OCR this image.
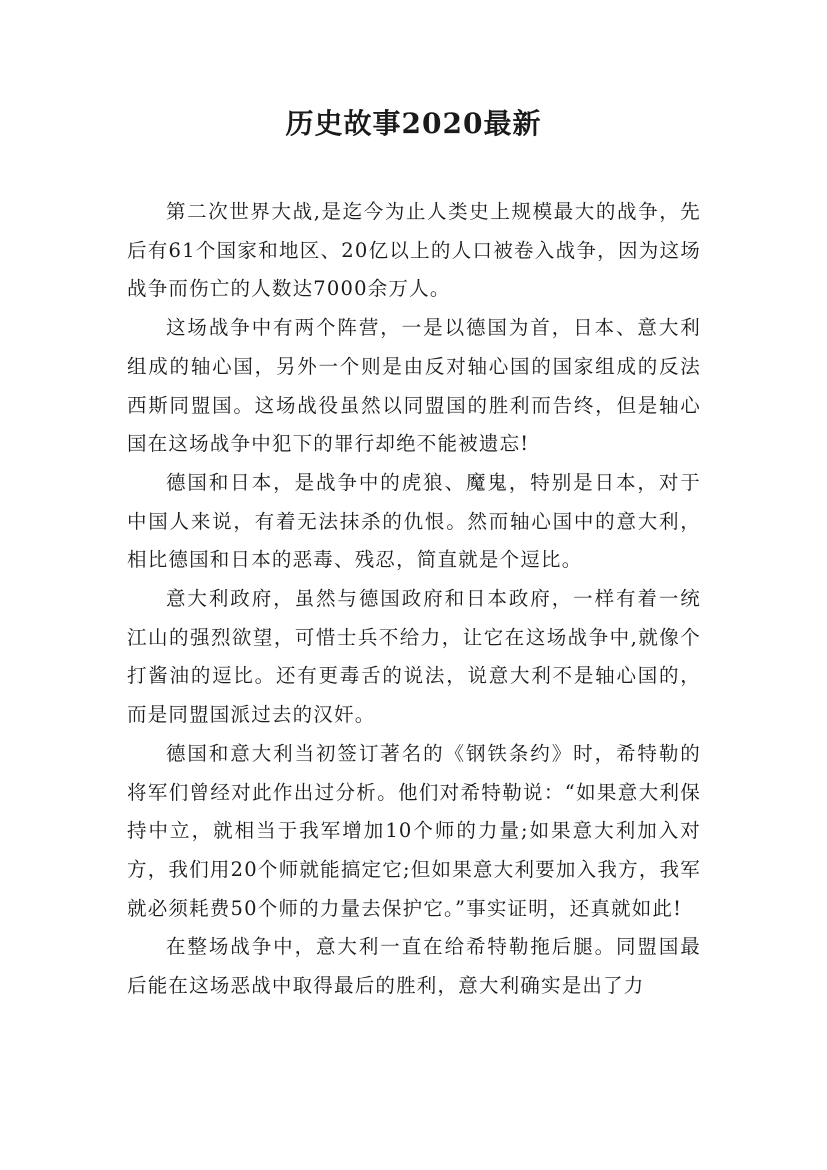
历史故事2020最新

第二次世界大战,是迄今为止人类史上规模最大的战争，先后有61个国家和地区、20亿以上的人口被卷入战争，因为这场战争而伤亡的人数达7000余万人。

这场战争中有两个阵营，一是以德国为首，日本、意大利组成的轴心国，另外一个则是由反对轴心国的国家组成的反法西斯同盟国。这场战役虽然以同盟国的胜利而告终，但是轴心国在这场战争中犯下的罪行却绝不能被遗忘!

德国和日本，是战争中的虎狼、魔鬼，特别是日本，对于中国人来说，有着无法抹杀的仇恨。然而轴心国中的意大利，相比德国和日本的恶毒、残忍，简直就是个逗比。

意大利政府，虽然与德国政府和日本政府，一样有着一统江山的强烈欲望，可惜士兵不给力，让它在这场战争中,就像个打酱油的逗比。还有更毒舌的说法，说意大利不是轴心国的，而是同盟国派过去的汉奸。

德国和意大利当初签订著名的《钢铁条约》时，希特勒的将军们曾经对此作出过分析。他们对希特勒说：“如果意大利保持中立，就相当于我军增加10个师的力量;如果意大利加入对方，我们用20个师就能搞定它;但如果意大利要加入我方，我军就必须耗费50个师的力量去保护它。”事实证明，还真就如此!

在整场战争中，意大利一直在给希特勒拖后腿。同盟国最后能在这场恶战中取得最后的胜利，意大利确实是出了力
